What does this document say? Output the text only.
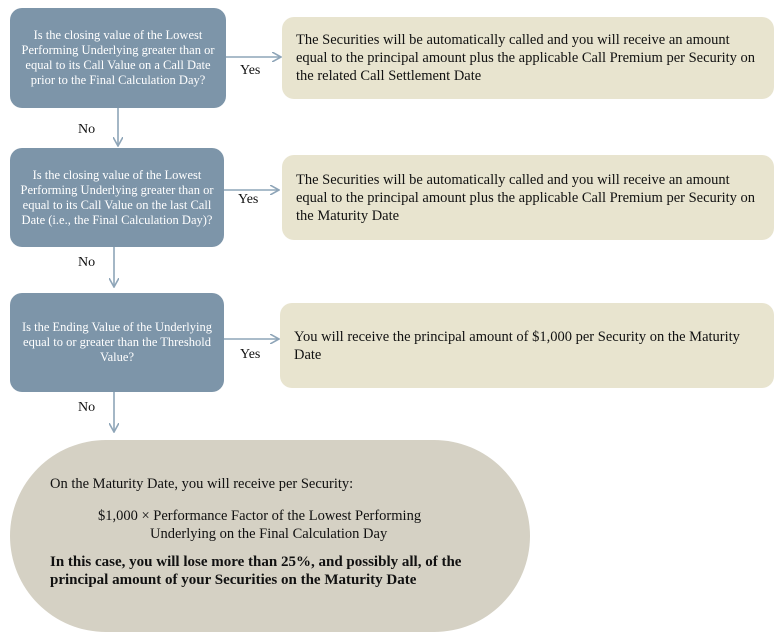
Is the closing value of the Lowest Performing Underlying greater than or equal to its Call Value on a Call Date prior to the Final Calculation Day?
Is the closing value of the Lowest Performing Underlying greater than or equal to its Call Value on the last Call Date (i.e., the Final Calculation Day)?
Is the Ending Value of the Underlying equal to or greater than the Threshold Value?
The Securities will be automatically called and you will receive an amount equal to the principal amount plus the applicable Call Premium per Security on the related Call Settlement Date
The Securities will be automatically called and you will receive an amount equal to the principal amount plus the applicable Call Premium per Security on the Maturity Date
You will receive the principal amount of $1,000 per Security on the Maturity Date
Yes
Yes
Yes
No
No
No
On the Maturity Date, you will receive per Security:
$1,000 × Performance Factor of the Lowest Performing
Underlying on the Final Calculation Day
In this case, you will lose more than 25%, and possibly all, of the principal amount of your Securities on the Maturity Date
